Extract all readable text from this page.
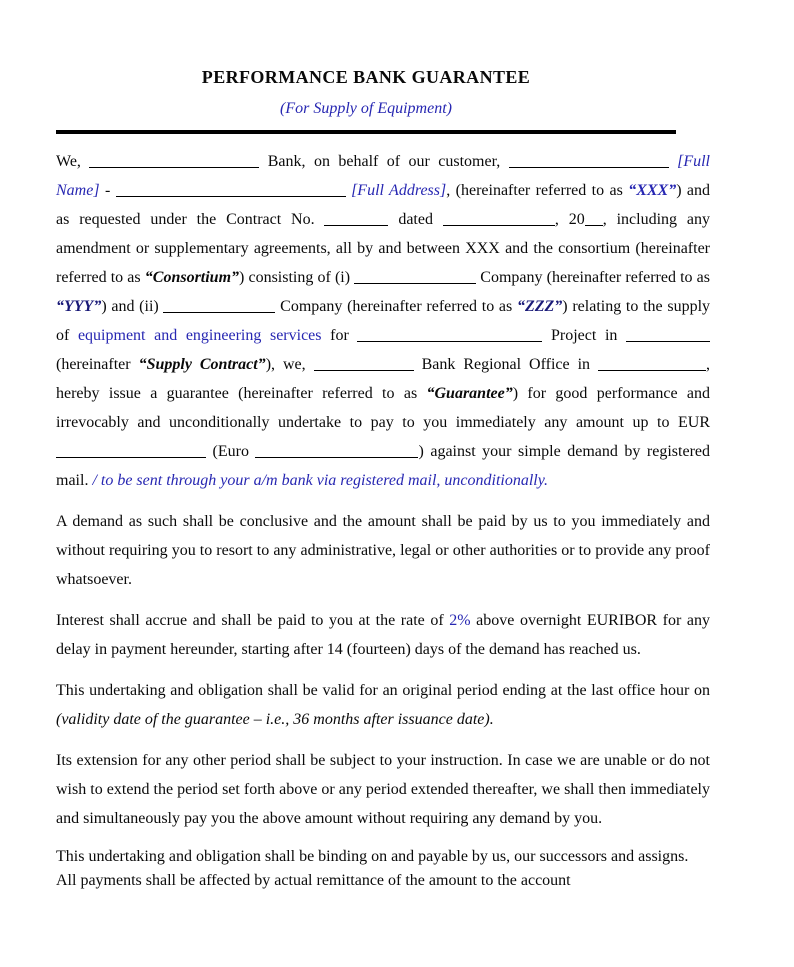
PERFORMANCE BANK GUARANTEE

(For Supply of Equipment)

We,	Bank, on behalf of our customer,	[Full Name] -	[Full Address], (hereinafter referred to as “XXX”) and as requested under the Contract No.	dated	, 20 , including any amendment or supplementary agreements, all by and between XXX and the consortium (hereinafter referred to as “Consortium”) consisting of (i)	Company (hereinafter referred to as “YYY”) and (ii)	Company (hereinafter referred to as “ZZZ”) relating to the supply of equipment and engineering services for	Project in  (hereinafter “Supply Contract”), we,	Bank Regional Office in	, hereby issue a guarantee (hereinafter referred to as “Guarantee”) for good performance and irrevocably and unconditionally undertake to pay to you immediately any amount up to EUR  (Euro	) against your simple demand by registered mail. / to be sent through your a/m bank via registered mail, unconditionally.

A demand as such shall be conclusive and the amount shall be paid by us to you immediately and without requiring you to resort to any administrative, legal or other authorities or to provide any proof whatsoever.

Interest shall accrue and shall be paid to you at the rate of 2% above overnight EURIBOR for any delay in payment hereunder, starting after 14 (fourteen) days of the demand has reached us.

This undertaking and obligation shall be valid for an original period ending at the last office hour on (validity date of the guarantee – i.e., 36 months after issuance date).

Its extension for any other period shall be subject to your instruction. In case we are unable or do not wish to extend the period set forth above or any period extended thereafter, we shall then immediately and simultaneously pay you the above amount without requiring any demand by you.

This undertaking and obligation shall be binding on and payable by us, our successors and assigns. All payments shall be affected by actual remittance of the amount to the account
